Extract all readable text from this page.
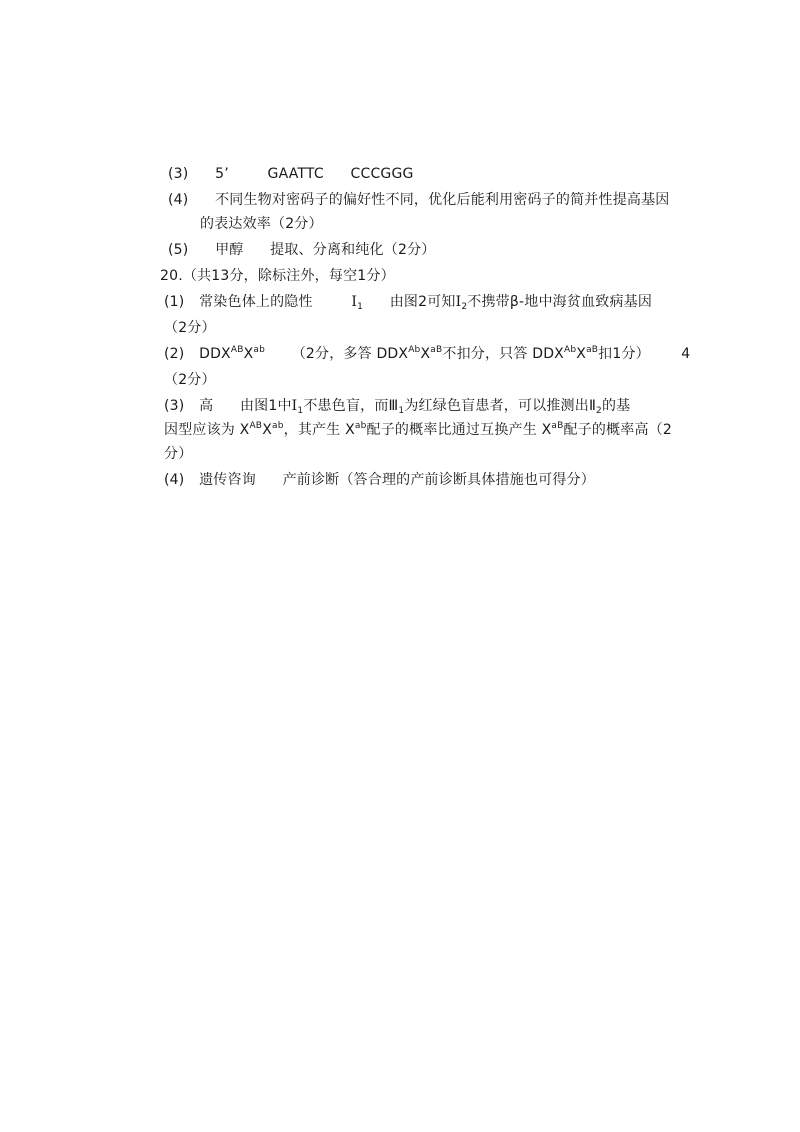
(3) 5’	GAATTC CCCGGG
(4) 不同生物对密码子的偏好性不同，优化后能利用密码子的简并性提高基因
的表达效率（2分）
(5) 甲醇 提取、分离和纯化（2分）
20.（共13分，除标注外，每空1分）
(1) 常染色体上的隐性	$I_1$ 由图2可知$I_2$不携带β-地中海贫血致病基因
（2分）
(2) $DDX^{AB}X^{ab}$ （2分，多答 $DDX^{Ab}X^{aB}$不扣分，只答 $DDX^{Ab}X^{aB}$扣1分） 4
（2分）
(3) 高 由图1中$I_1$不患色盲，而$Ⅲ_1$为红绿色盲患者，可以推测出$Ⅱ_2$的基
因型应该为 $X^{AB}X^{ab}$，其产生 $X^{ab}$配子的概率比通过互换产生 $X^{aB}$配子的概率高（2
分）
(4) 遗传咨询 产前诊断（答合理的产前诊断具体措施也可得分）
